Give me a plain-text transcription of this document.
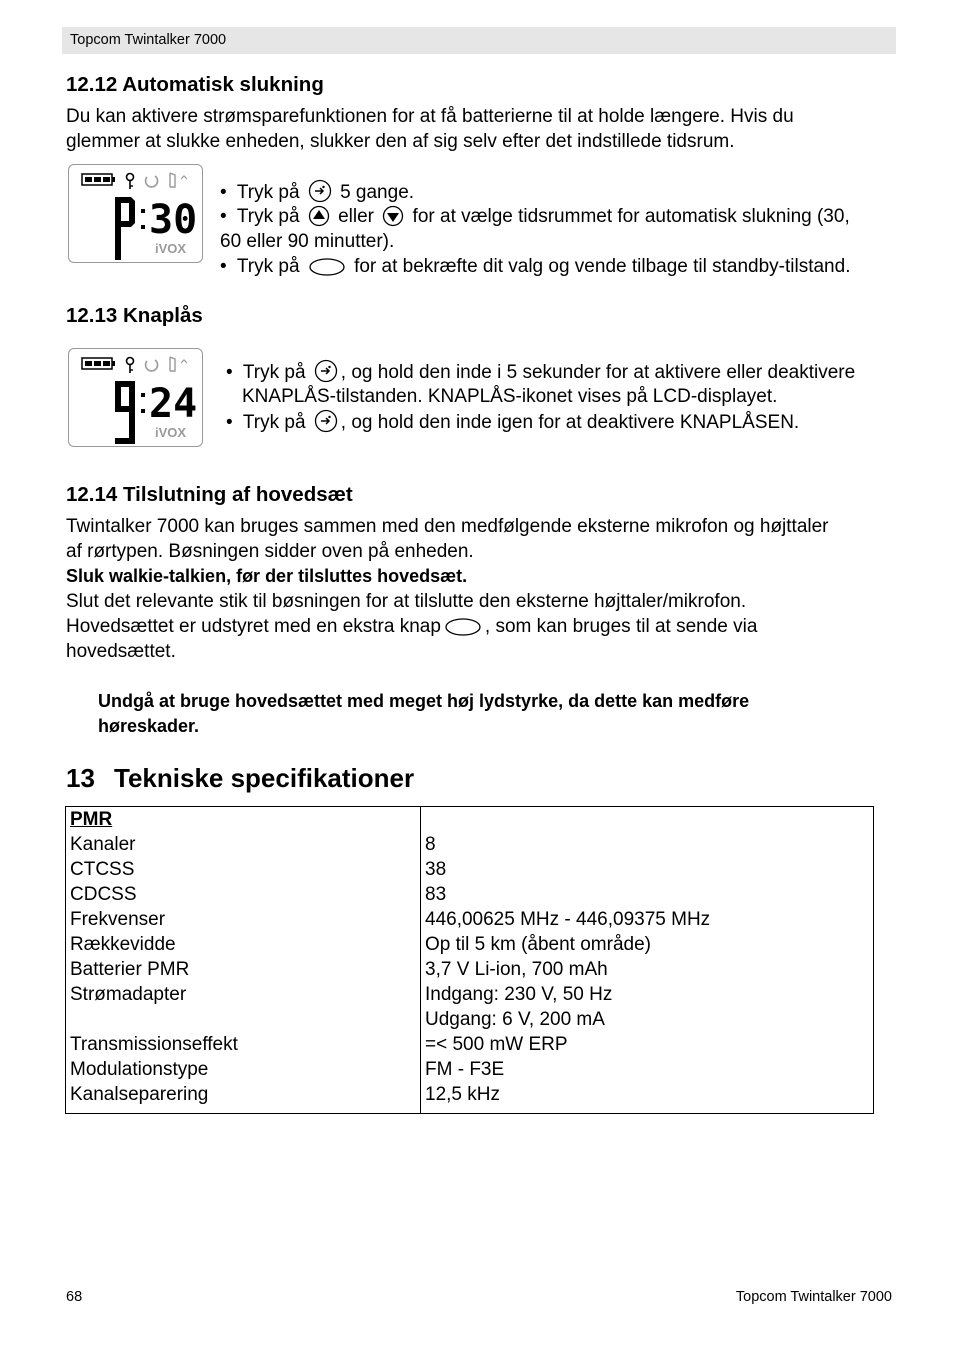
Topcom Twintalker 7000
12.12 Automatisk slukning
Du kan aktivere strømsparefunktionen for at få batterierne til at holde længere. Hvis du
glemmer at slukke enheden, slukker den af sig selv efter det indstillede tidsrum.
30
iVOX
•  Tryk på 5 gange.
•  Tryk på eller for at vælge tidsrummet for automatisk slukning (30,
60 eller 90 minutter).
•  Tryk på	for at bekræfte dit valg og vende tilbage til standby-tilstand.
12.13 Knaplås
24
iVOX
•  Tryk på , og hold den inde i 5 sekunder for at aktivere eller deaktivere
KNAPLÅS-tilstanden. KNAPLÅS-ikonet vises på LCD-displayet.
•  Tryk på , og hold den inde igen for at deaktivere KNAPLÅSEN.
12.14 Tilslutning af hovedsæt
Twintalker 7000 kan bruges sammen med den medfølgende eksterne mikrofon og højttaler
af rørtypen. Bøsningen sidder oven på enheden.
Sluk walkie-talkien, før der tilsluttes hovedsæt.
Slut det relevante stik til bøsningen for at tilslutte den eksterne højttaler/mikrofon.
Hovedsættet er udstyret med en ekstra knap , som kan bruges til at sende via
hovedsættet.
Undgå at bruge hovedsættet med meget høj lydstyrke, da dette kan medføre
høreskader.
13 Tekniske specifikationer
PMR	
Kanaler	8
CTCSS	38
CDCSS	83
Frekvenser	446,00625 MHz - 446,09375 MHz
Rækkevidde	Op til 5 km (åbent område)
Batterier PMR	3,7 V Li-ion, 700 mAh
Strømadapter	Indgang: 230 V, 50 Hz
	Udgang: 6 V, 200 mA
Transmissionseffekt	=< 500 mW ERP
Modulationstype	FM - F3E
Kanalseparering	12,5 kHz
68	Topcom Twintalker 7000
